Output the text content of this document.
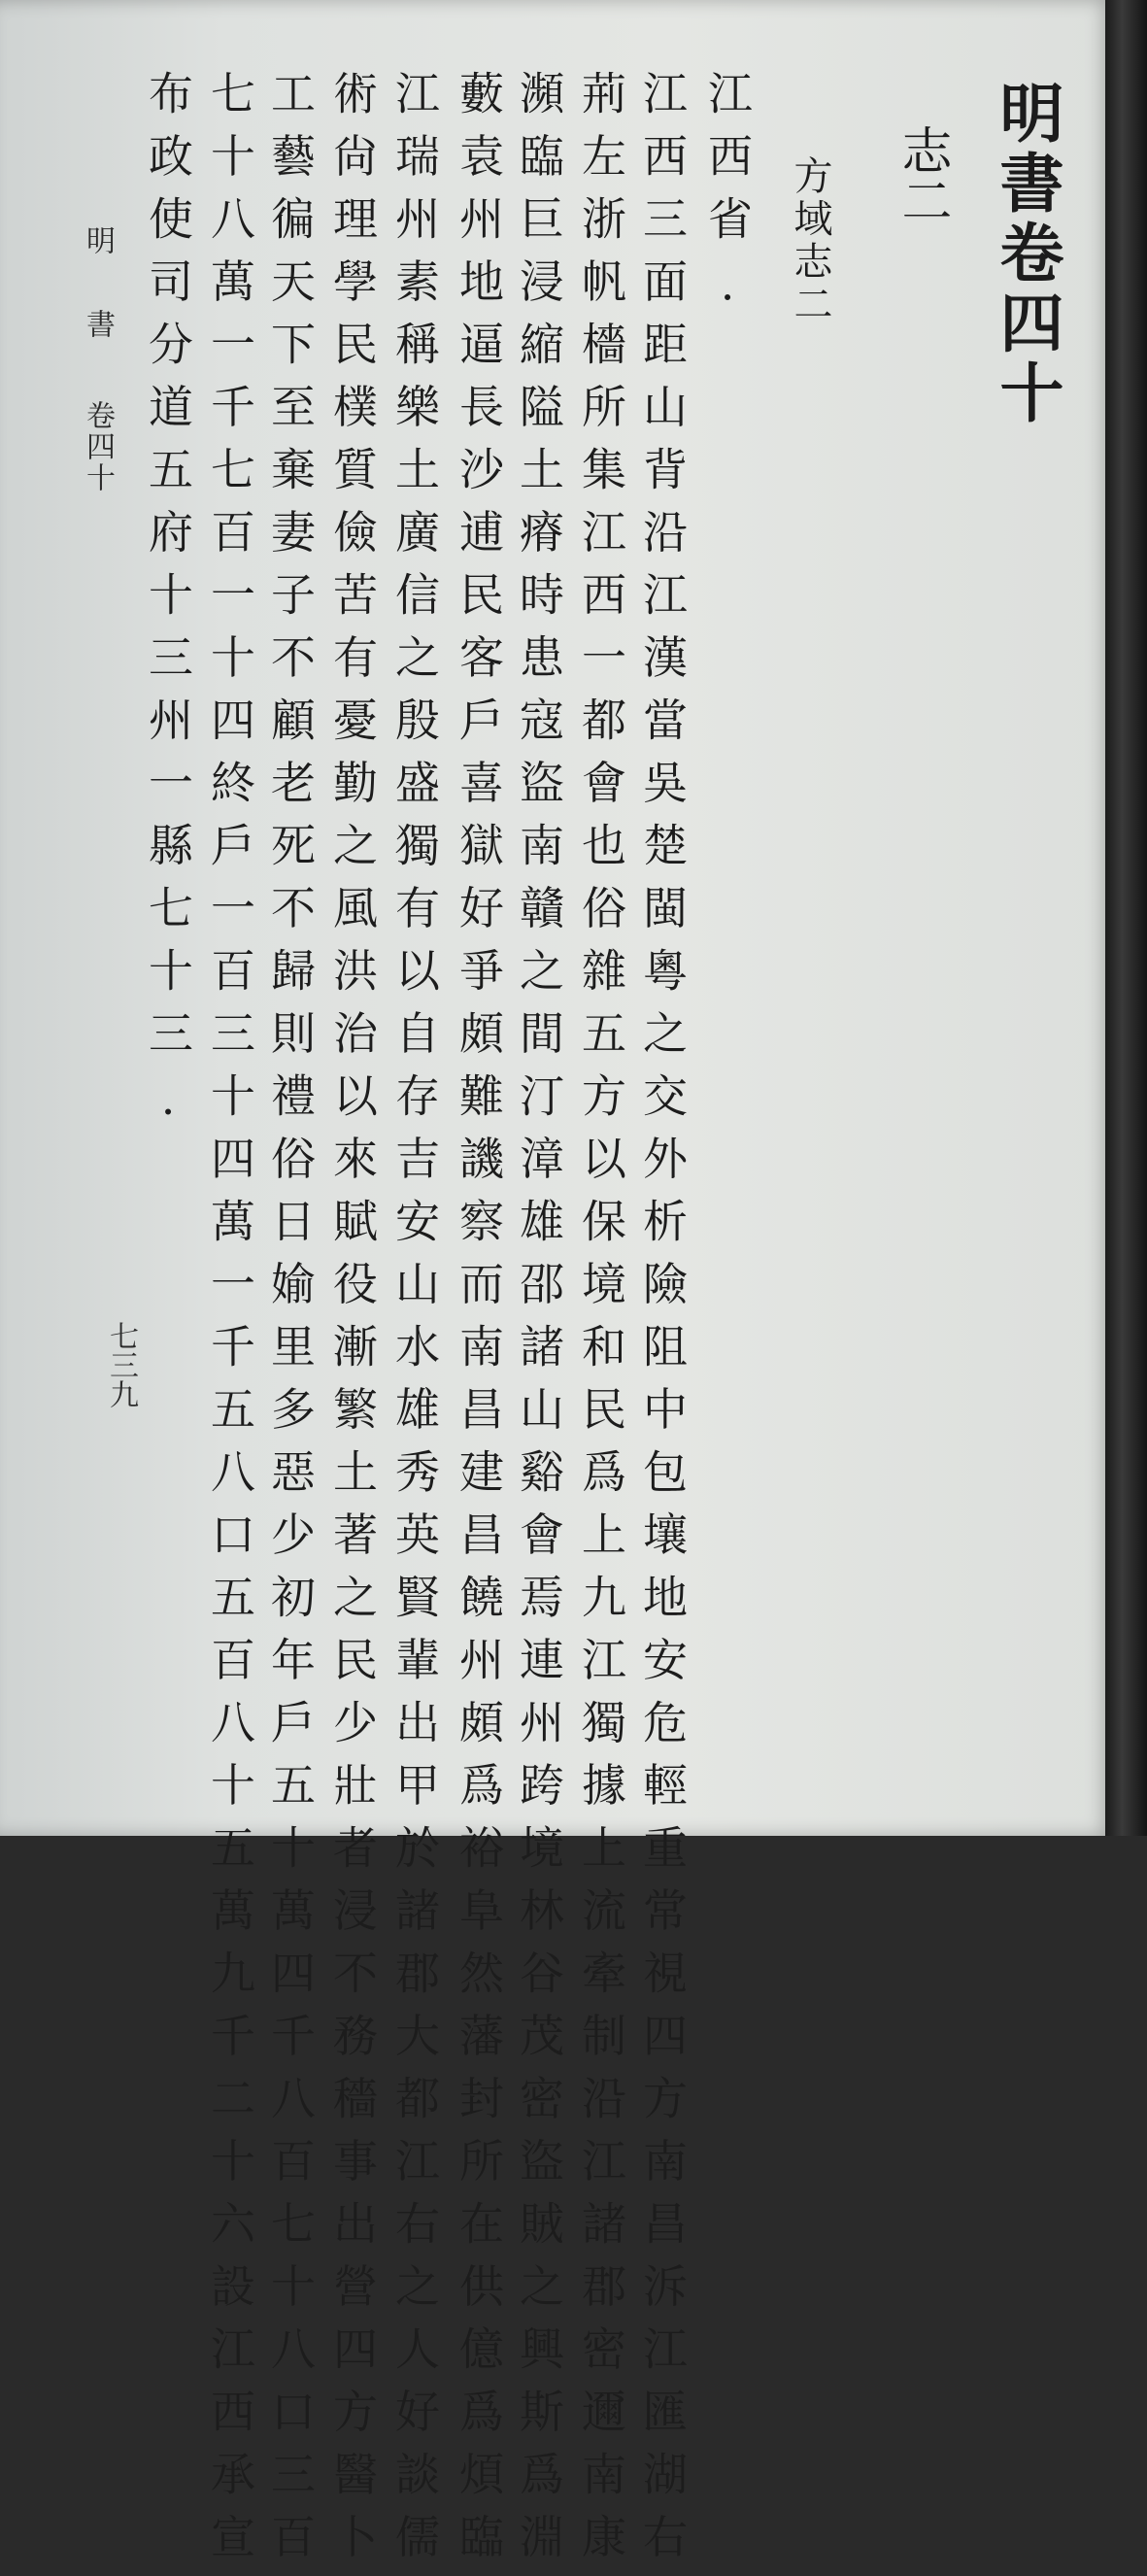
明書卷四十
志二
方域志二
江西省.
江西三面距山背沿江漢當吳楚閩粵之交外析險阻中包壤地安危輕重常視四方南昌泝江匯湖右
荊左浙帆檣所集江西一都會也俗雜五方以保境和民爲上九江獨據上流牽制沿江諸郡密邇南康
瀕臨巨浸縮隘土瘠時患寇盜南贛之間汀漳雄邵諸山谿會焉連州跨境林谷茂密盜賊之興斯爲淵
藪袁州地逼長沙逋民客戶喜獄好爭頗難譏察而南昌建昌饒州頗爲裕阜然藩封所在供億爲煩臨
江瑞州素稱樂土廣信之殷盛獨有以自存吉安山水雄秀英賢輩出甲於諸郡大都江右之人好談儒
術尙理學民樸質儉苦有憂勤之風洪治以來賦役漸繁土著之民少壯者浸不務穡事出營四方醫卜
工藝徧天下至棄妻子不顧老死不歸則禮俗日媮里多惡少初年戶五十萬四千八百七十八口三百
七十八萬一千七百一十四終戶一百三十四萬一千五八口五百八十五萬九千二十六設江西承宣
布政使司分道五府十三州一縣七十三.
明
書
卷四十
七三九
